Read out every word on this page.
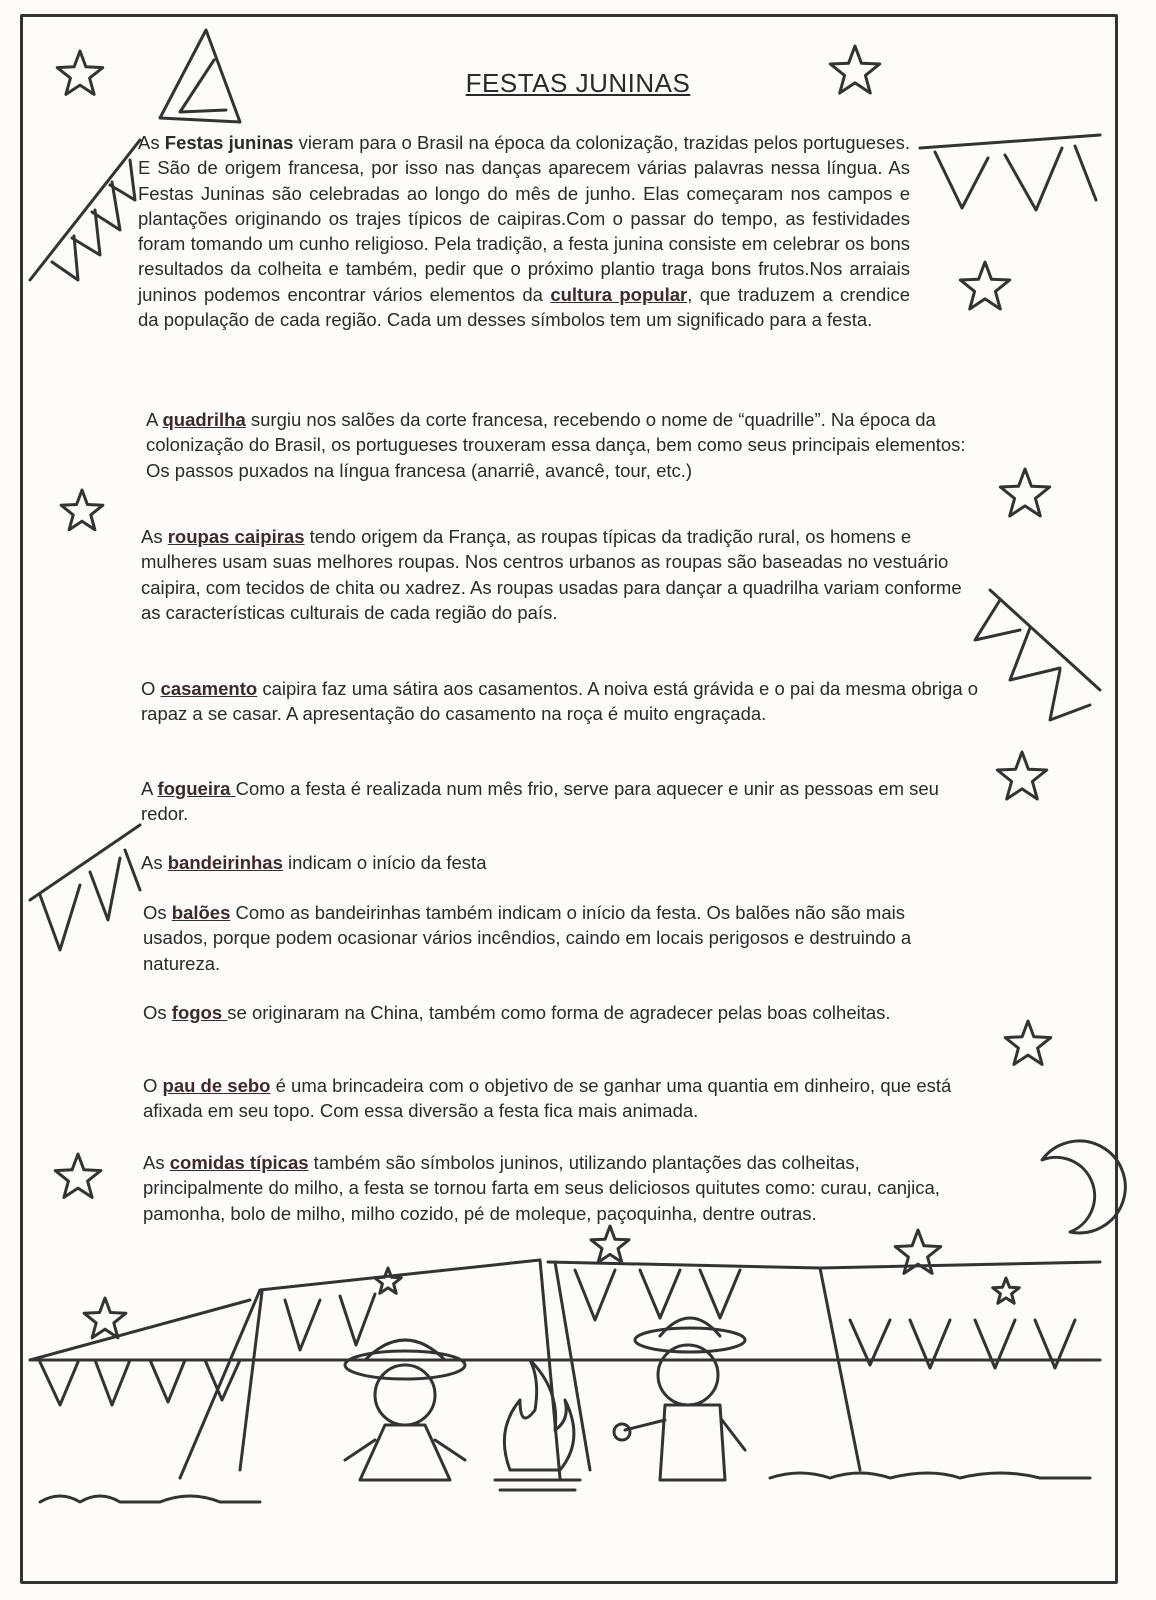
FESTAS JUNINAS

As Festas juninas vieram para o Brasil na época da colonização, trazidas pelos portugueses. E São de origem francesa, por isso nas danças aparecem várias palavras nessa língua. As Festas Juninas são celebradas ao longo do mês de junho. Elas começaram nos campos e plantações originando os trajes típicos de caipiras.Com o passar do tempo, as festividades foram tomando um cunho religioso. Pela tradição, a festa junina consiste em celebrar os bons resultados da colheita e também, pedir que o próximo plantio traga bons frutos.Nos arraiais juninos podemos encontrar vários elementos da cultura popular, que traduzem a crendice da população de cada região. Cada um desses símbolos tem um significado para a festa.

A quadrilha surgiu nos salões da corte francesa, recebendo o nome de “quadrille”. Na época da colonização do Brasil, os portugueses trouxeram essa dança, bem como seus principais elementos: Os passos puxados na língua francesa (anarriê, avancê, tour, etc.)

As roupas caipiras tendo origem da França, as roupas típicas da tradição rural, os homens e mulheres usam suas melhores roupas. Nos centros urbanos as roupas são baseadas no vestuário caipira, com tecidos de chita ou xadrez. As roupas usadas para dançar a quadrilha variam conforme as características culturais de cada região do país.

O casamento caipira faz uma sátira aos casamentos. A noiva está grávida e o pai da mesma obriga o rapaz a se casar. A apresentação do casamento na roça é muito engraçada.

A fogueira Como a festa é realizada num mês frio, serve para aquecer e unir as pessoas em seu redor.

As bandeirinhas indicam o início da festa

Os balões Como as bandeirinhas também indicam o início da festa. Os balões não são mais usados, porque podem ocasionar vários incêndios, caindo em locais perigosos e destruindo a natureza.

Os fogos se originaram na China, também como forma de agradecer pelas boas colheitas.

O pau de sebo é uma brincadeira com o objetivo de se ganhar uma quantia em dinheiro, que está afixada em seu topo. Com essa diversão a festa fica mais animada.

As comidas típicas também são símbolos juninos, utilizando plantações das colheitas, principalmente do milho, a festa se tornou farta em seus deliciosos quitutes como: curau, canjica, pamonha, bolo de milho, milho cozido, pé de moleque, paçoquinha, dentre outras.
